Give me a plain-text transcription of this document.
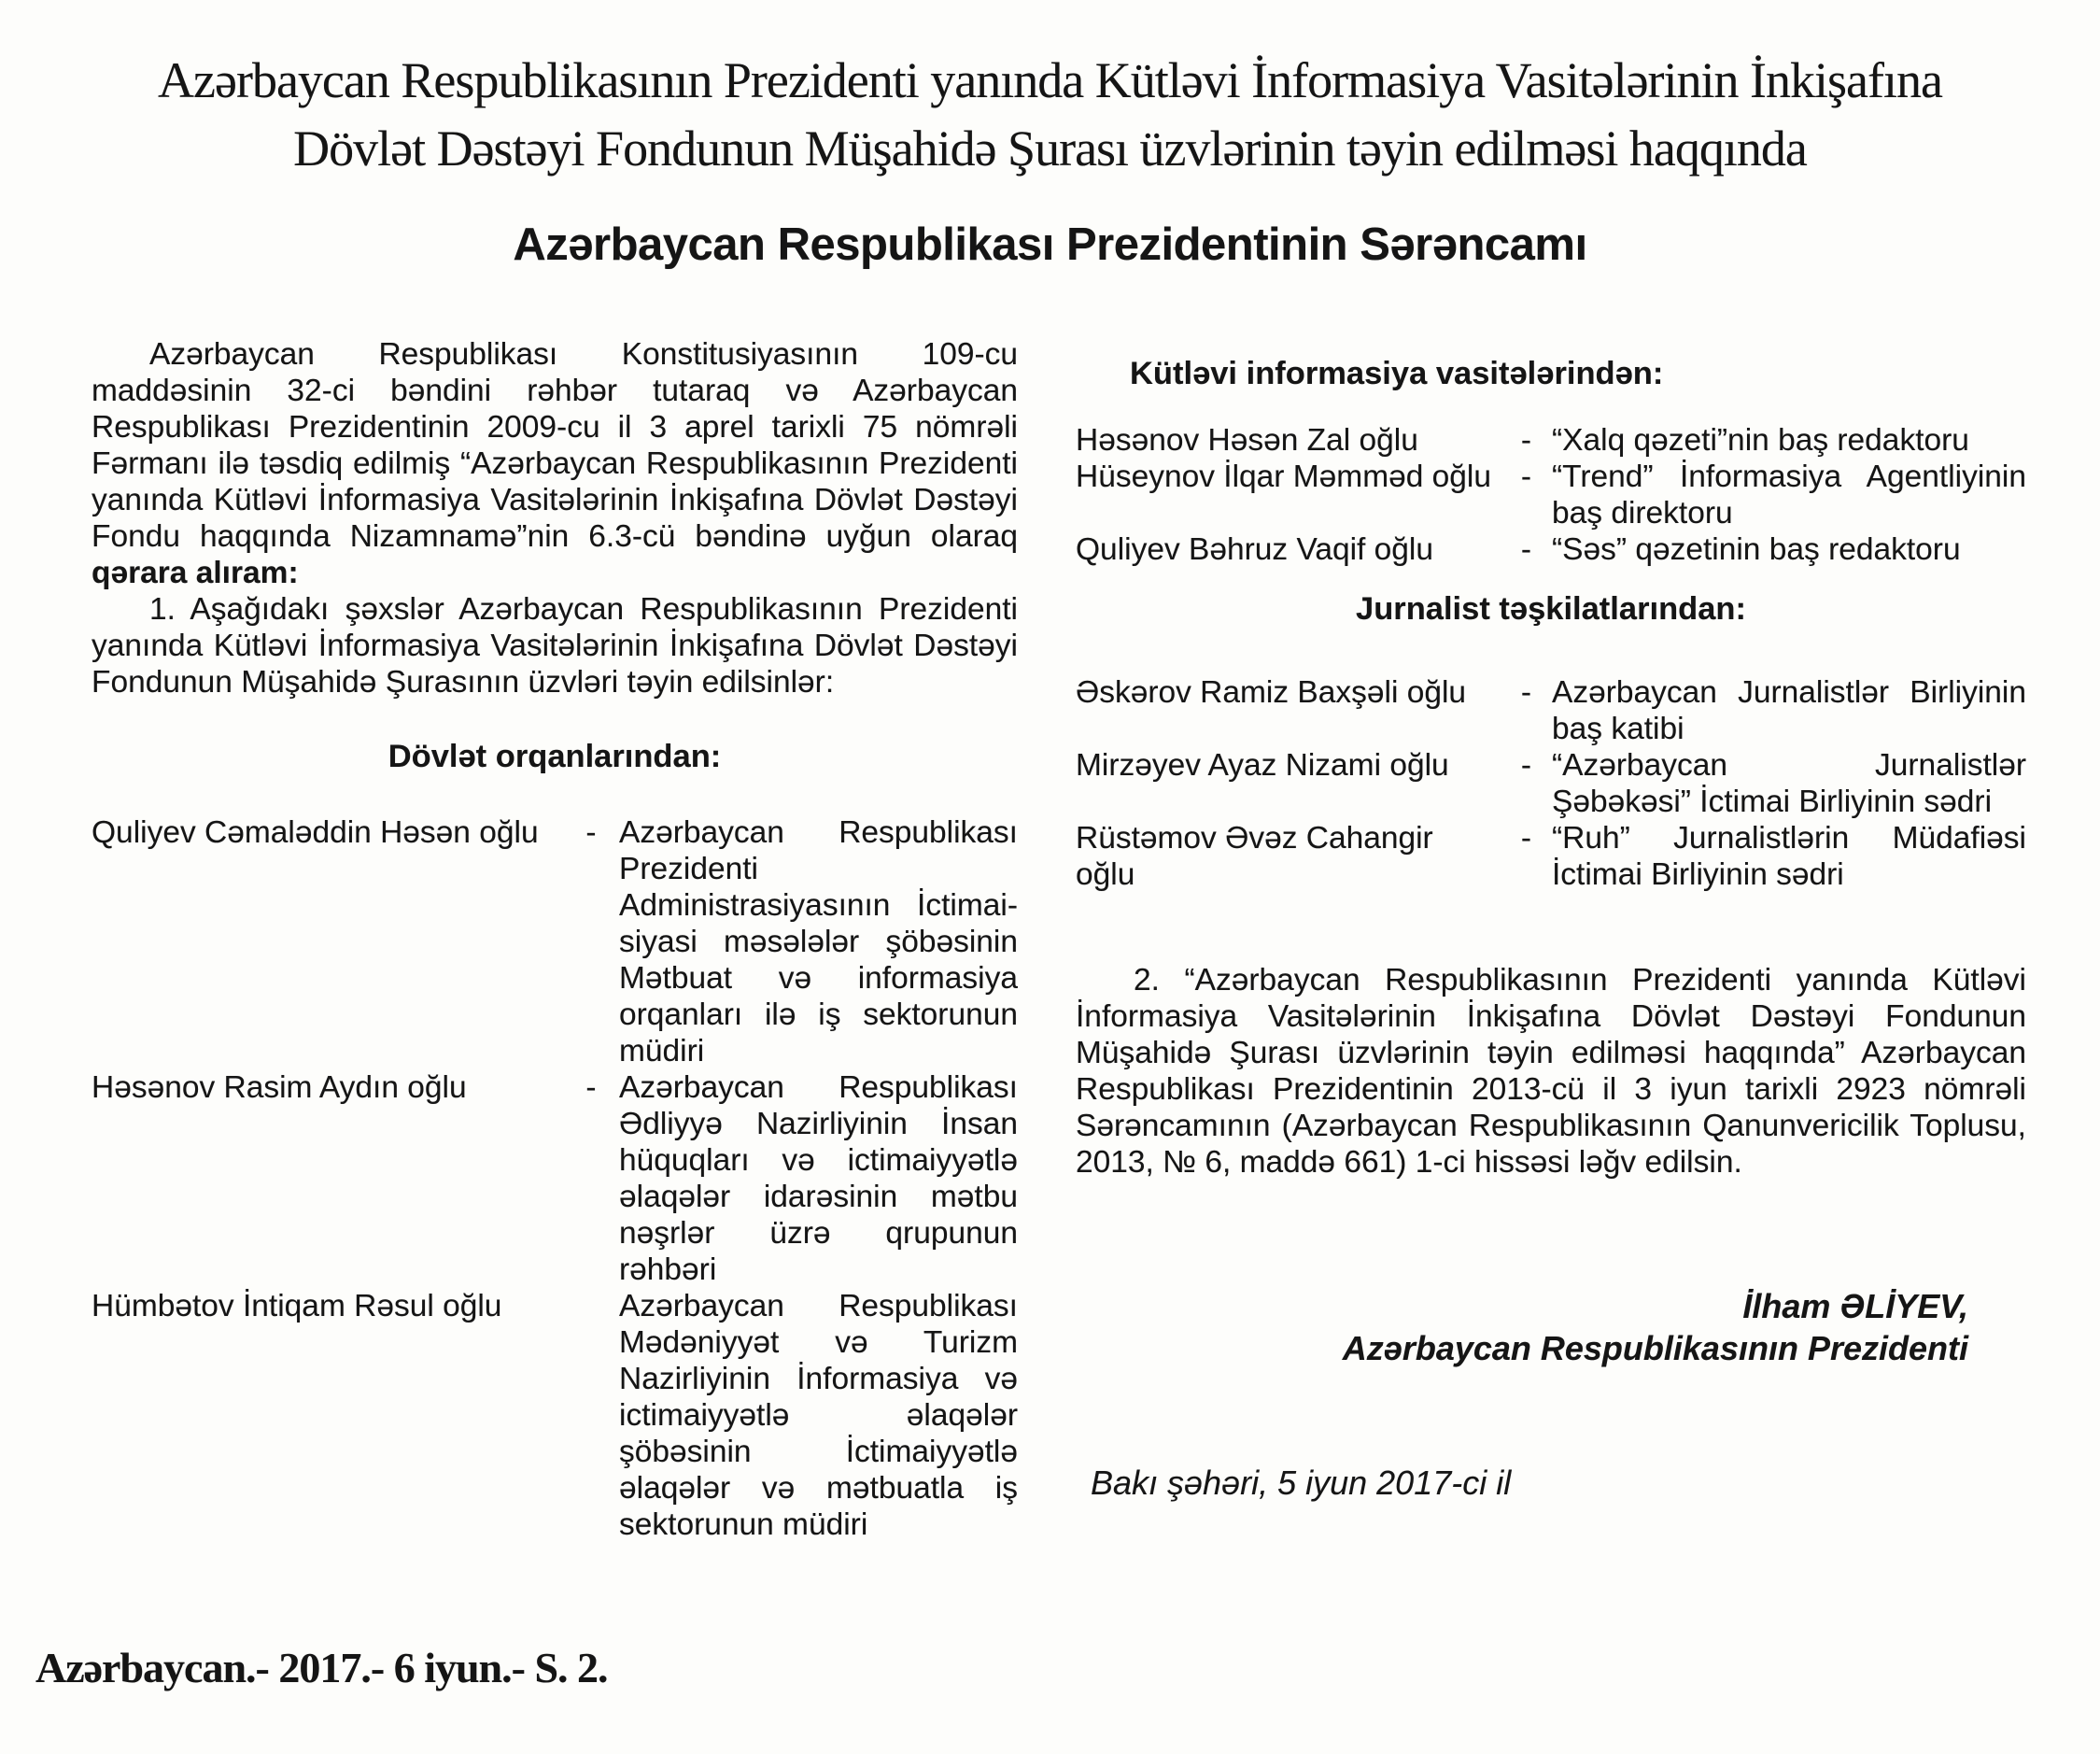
Azərbaycan Respublikasının Prezidenti yanında Kütləvi İnformasiya Vasitələrinin İnkişafına
Dövlət Dəstəyi Fondunun Müşahidə Şurası üzvlərinin təyin edilməsi haqqında
Azərbaycan Respublikası Prezidentinin Sərəncamı

Azərbaycan Respublikası Konstitusiyasının 109-cu maddəsinin 32-ci bəndini rəhbər tutaraq və Azərbaycan Respublikası Prezidentinin 2009-cu il 3 aprel tarixli 75 nömrəli Fərmanı ilə təsdiq edilmiş “Azərbaycan Respublikasının Prezidenti yanında Kütləvi İnformasiya Vasitələrinin İnkişafına Dövlət Dəstəyi Fondu haqqında Nizamnamə”nin 6.3-cü bəndinə uyğun olaraq qərara alıram:

1. Aşağıdakı şəxslər Azərbaycan Respublikasının Prezidenti yanında Kütləvi İnformasiya Vasitələrinin İnkişafına Dövlət Dəstəyi Fondunun Müşahidə Şurasının üzvləri təyin edilsinlər:

Dövlət orqanlarından:
Quliyev Cəmaləddin Həsən oğlu	- Azərbaycan Respublikası Prezidenti Administrasiyasının İctimai-siyasi məsələlər şöbəsinin Mətbuat və informasiya orqanları ilə iş sektorunun müdiri
Həsənov Rasim Aydın oğlu	- Azərbaycan Respublikası Ədliyyə Nazirliyinin İnsan hüquqları və ictimaiyyətlə əlaqələr idarəsinin mətbu nəşrlər üzrə qrupunun rəhbəri
Hümbətov İntiqam Rəsul oğlu	Azərbaycan Respublikası Mədəniyyət və Turizm Nazirliyinin İnformasiya və ictimaiyyətlə əlaqələr şöbəsinin İctimaiyyətlə əlaqələr və mətbuatla iş sektorunun müdiri
Kütləvi informasiya vasitələrindən:
Həsənov Həsən Zal oğlu	- “Xalq qəzeti”nin baş redaktoru
Hüseynov İlqar Məmməd oğlu - “Trend” İnformasiya Agentliyinin baş direktoru
Quliyev Bəhruz Vaqif oğlu	- “Səs” qəzetinin baş redaktoru
Jurnalist təşkilatlarından:
Əskərov Ramiz Baxşəli oğlu	- Azərbaycan Jurnalistlər Birliyinin baş katibi
Mirzəyev Ayaz Nizami oğlu	- “Azərbaycan Jurnalistlər Şəbəkəsi” İctimai Birliyinin sədri
Rüstəmov Əvəz Cahangir oğlu
- “Ruh” Jurnalistlərin Müdafiəsi İctimai Birliyinin sədri

2. “Azərbaycan Respublikasının Prezidenti yanında Kütləvi İnformasiya Vasitələrinin İnkişafına Dövlət Dəstəyi Fondunun Müşahidə Şurası üzvlərinin təyin edilməsi haqqında” Azərbaycan Respublikası Prezidentinin 2013-cü il 3 iyun tarixli 2923 nömrəli Sərəncamının (Azərbaycan Respublikasının Qanunvericilik Toplusu, 2013, № 6, maddə 661) 1-ci hissəsi ləğv edilsin.

İlham ƏLİYEV,
Azərbaycan Respublikasının Prezidenti
Bakı şəhəri, 5 iyun 2017-ci il
Azərbaycan.- 2017.- 6 iyun.- S. 2.
